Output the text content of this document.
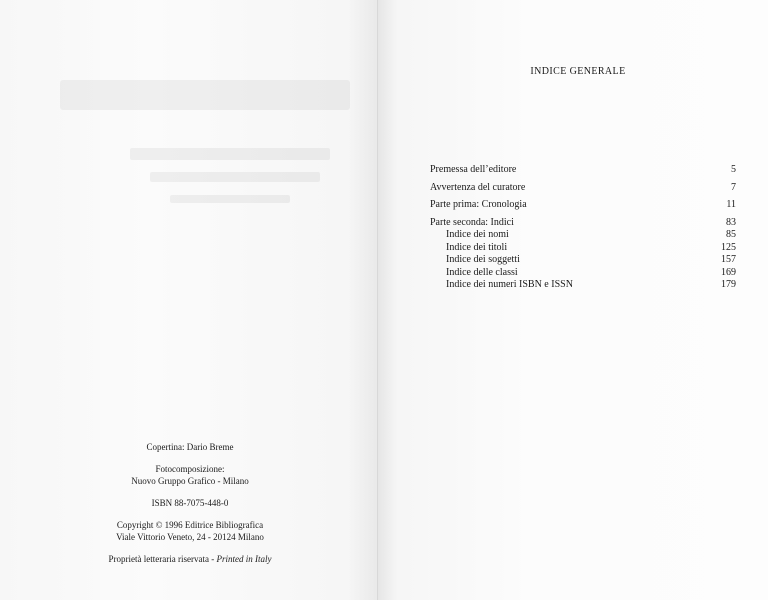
Copertina: Dario Breme
Fotocomposizione:
Nuovo Gruppo Grafico - Milano
ISBN 88-7075-448-0
Copyright © 1996 Editrice Bibliografica
Viale Vittorio Veneto, 24 - 20124 Milano
Proprietà letteraria riservata - Printed in Italy
INDICE GENERALE
Premessa dell’editore	5
Avvertenza del curatore	7
Parte prima: Cronologia	11
Parte seconda: Indici	83
Indice dei nomi	85
Indice dei titoli	125
Indice dei soggetti	157
Indice delle classi	169
Indice dei numeri ISBN e ISSN	179
